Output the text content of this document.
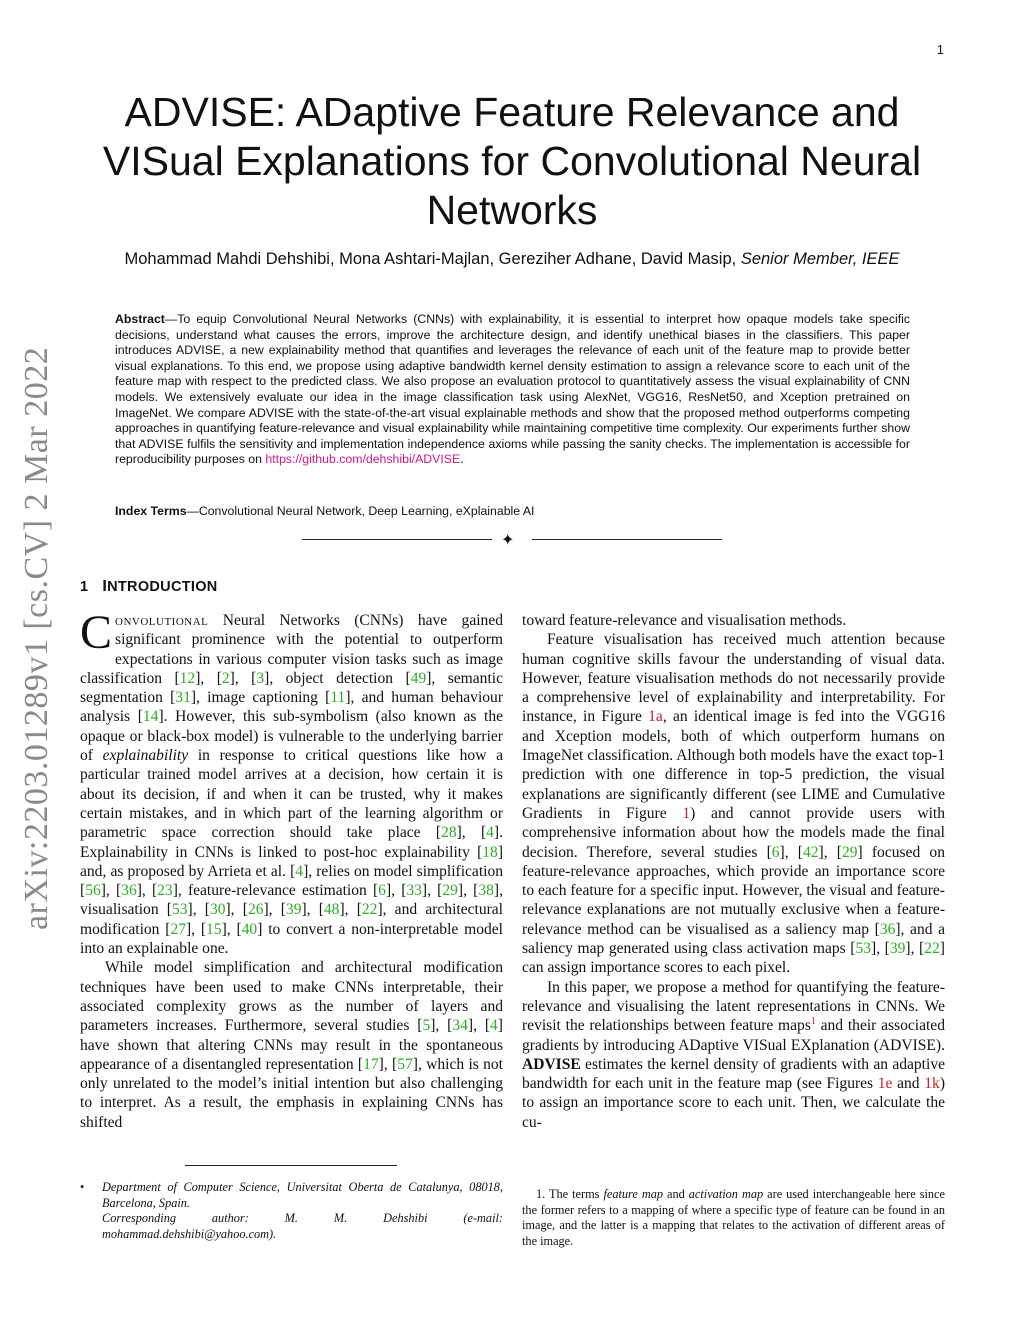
1
arXiv:2203.01289v1 [cs.CV] 2 Mar 2022
ADVISE: ADaptive Feature Relevance and VISual Explanations for Convolutional Neural Networks
Mohammad Mahdi Dehshibi, Mona Ashtari-Majlan, Gereziher Adhane, David Masip, Senior Member, IEEE

Abstract—To equip Convolutional Neural Networks (CNNs) with explainability, it is essential to interpret how opaque models take specific decisions, understand what causes the errors, improve the architecture design, and identify unethical biases in the classifiers. This paper introduces ADVISE, a new explainability method that quantifies and leverages the relevance of each unit of the feature map to provide better visual explanations. To this end, we propose using adaptive bandwidth kernel density estimation to assign a relevance score to each unit of the feature map with respect to the predicted class. We also propose an evaluation protocol to quantitatively assess the visual explainability of CNN models. We extensively evaluate our idea in the image classification task using AlexNet, VGG16, ResNet50, and Xception pretrained on ImageNet. We compare ADVISE with the state-of-the-art visual explainable methods and show that the proposed method outperforms competing approaches in quantifying feature-relevance and visual explainability while maintaining competitive time complexity. Our experiments further show that ADVISE fulfils the sensitivity and implementation independence axioms while passing the sanity checks. The implementation is accessible for reproducibility purposes on https://github.com/dehshibi/ADVISE.

Index Terms—Convolutional Neural Network, Deep Learning, eXplainable AI

✦
1 INTRODUCTION

Convolutional Neural Networks (CNNs) have gained significant prominence with the potential to outperform expectations in various computer vision tasks such as image classification [12], [2], [3], object detection [49], semantic segmentation [31], image captioning [11], and human behaviour analysis [14]. However, this sub-symbolism (also known as the opaque or black-box model) is vulnerable to the underlying barrier of explainability in response to critical questions like how a particular trained model arrives at a decision, how certain it is about its decision, if and when it can be trusted, why it makes certain mistakes, and in which part of the learning algorithm or parametric space correction should take place [28], [4]. Explainability in CNNs is linked to post-hoc explainability [18] and, as proposed by Arrieta et al. [4], relies on model simplification [56], [36], [23], feature-relevance estimation [6], [33], [29], [38], visualisation [53], [30], [26], [39], [48], [22], and architectural modification [27], [15], [40] to convert a non-interpretable model into an explainable one.

While model simplification and architectural modification techniques have been used to make CNNs interpretable, their associated complexity grows as the number of layers and parameters increases. Furthermore, several studies [5], [34], [4] have shown that altering CNNs may result in the spontaneous appearance of a disentangled representation [17], [57], which is not only unrelated to the model’s initial intention but also challenging to interpret. As a result, the emphasis in explaining CNNs has shifted

toward feature-relevance and visualisation methods.

Feature visualisation has received much attention because human cognitive skills favour the understanding of visual data. However, feature visualisation methods do not necessarily provide a comprehensive level of explainability and interpretability. For instance, in Figure 1a, an identical image is fed into the VGG16 and Xception models, both of which outperform humans on ImageNet classification. Although both models have the exact top-1 prediction with one difference in top-5 prediction, the visual explanations are significantly different (see LIME and Cumulative Gradients in Figure 1) and cannot provide users with comprehensive information about how the models made the final decision. Therefore, several studies [6], [42], [29] focused on feature-relevance approaches, which provide an importance score to each feature for a specific input. However, the visual and feature-relevance explanations are not mutually exclusive when a feature-relevance method can be visualised as a saliency map [36], and a saliency map generated using class activation maps [53], [39], [22] can assign importance scores to each pixel.

In this paper, we propose a method for quantifying the feature-relevance and visualising the latent representations in CNNs. We revisit the relationships between feature maps$^1$ and their associated gradients by introducing ADaptive VISual EXplanation (ADVISE). ADVISE estimates the kernel density of gradients with an adaptive bandwidth for each unit in the feature map (see Figures 1e and 1k) to assign an importance score to each unit. Then, we calculate the cu-

• Department of Computer Science, Universitat Oberta de Catalunya, 08018, Barcelona, Spain.
Corresponding author: M. M. Dehshibi (e-mail: mohammad.dehshibi@yahoo.com).

1. The terms feature map and activation map are used interchangeable here since the former refers to a mapping of where a specific type of feature can be found in an image, and the latter is a mapping that relates to the activation of different areas of the image.
